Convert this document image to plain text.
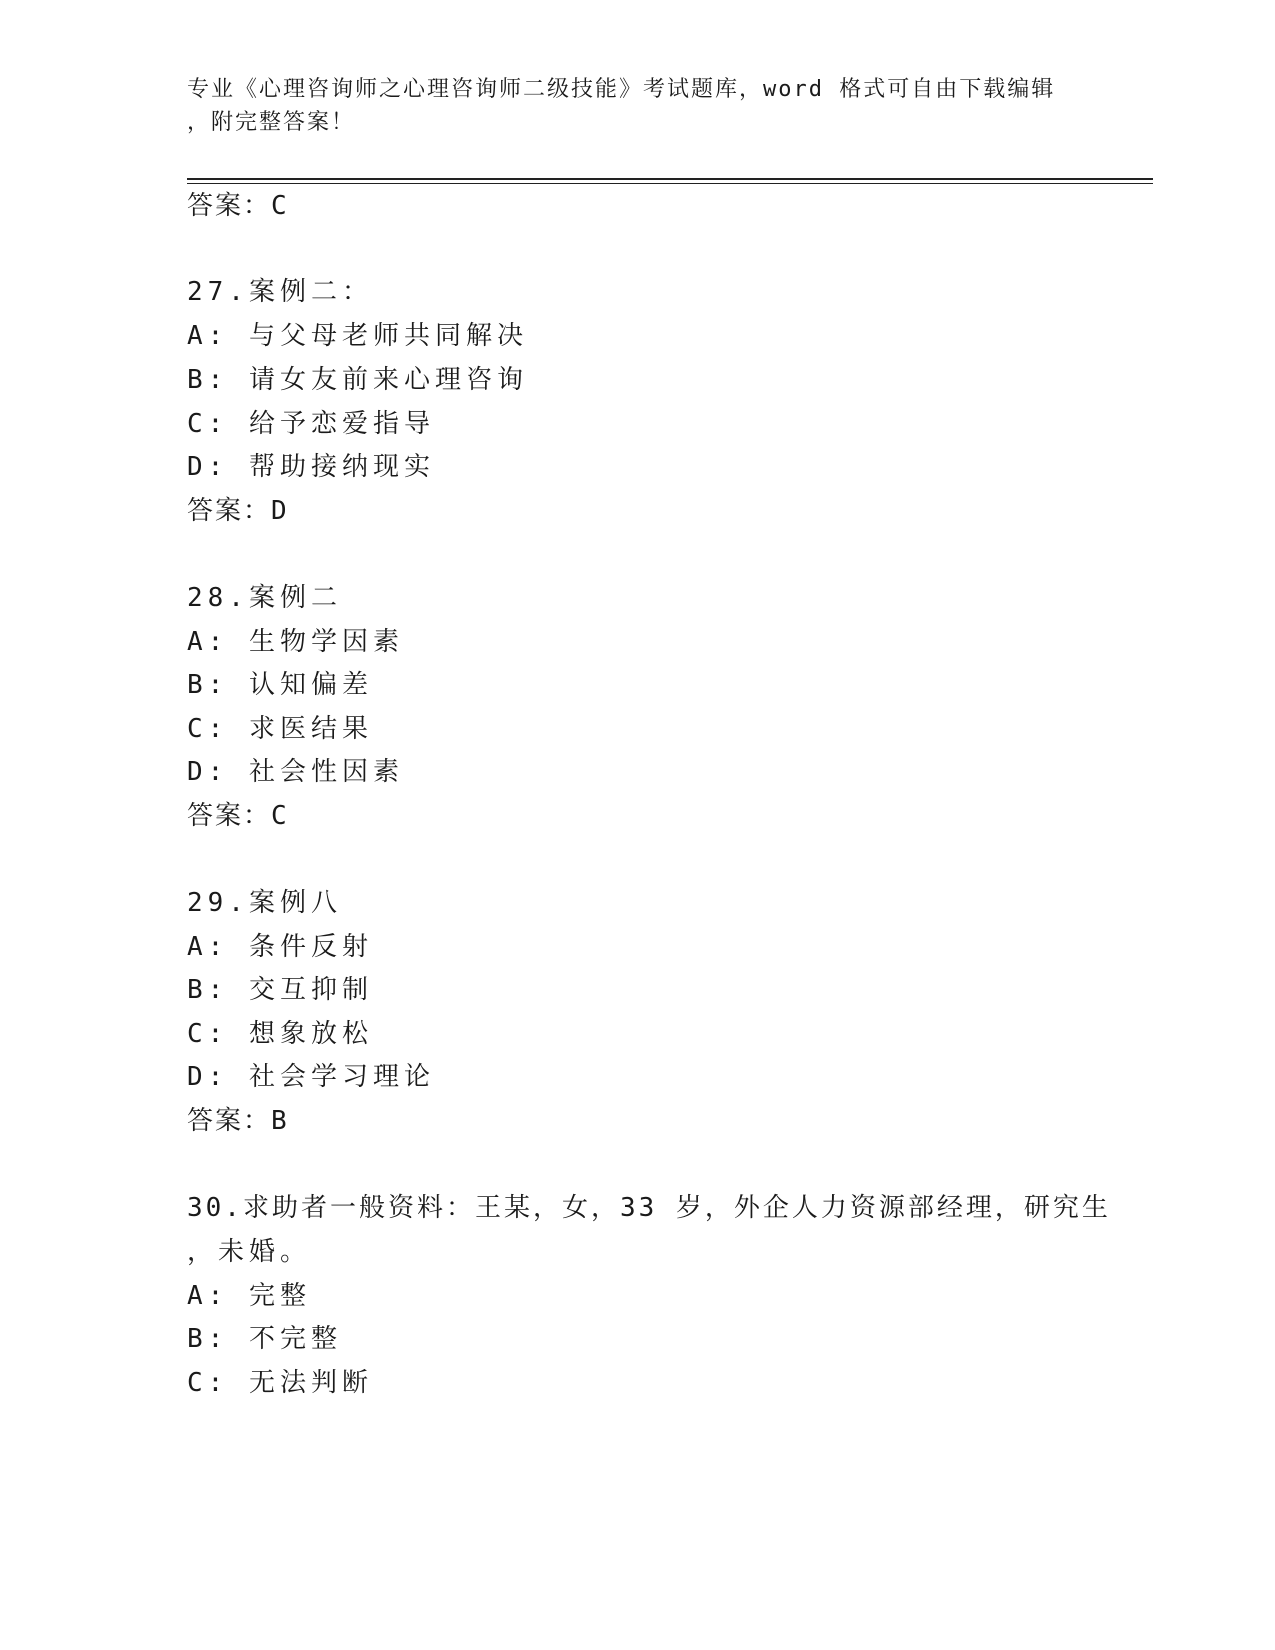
专业《心理咨询师之心理咨询师二级技能》考试题库，word 格式可自由下载编辑
，附完整答案！
答案：C
27.案例二：
A: 与父母老师共同解决
B: 请女友前来心理咨询
C: 给予恋爱指导
D: 帮助接纳现实
答案：D
28.案例二
A: 生物学因素
B: 认知偏差
C: 求医结果
D: 社会性因素
答案：C
29.案例八
A: 条件反射
B: 交互抑制
C: 想象放松
D: 社会学习理论
答案：B
30.求助者一般资料：王某，女，33 岁，外企人力资源部经理，研究生
，未婚。
A: 完整
B: 不完整
C: 无法判断
